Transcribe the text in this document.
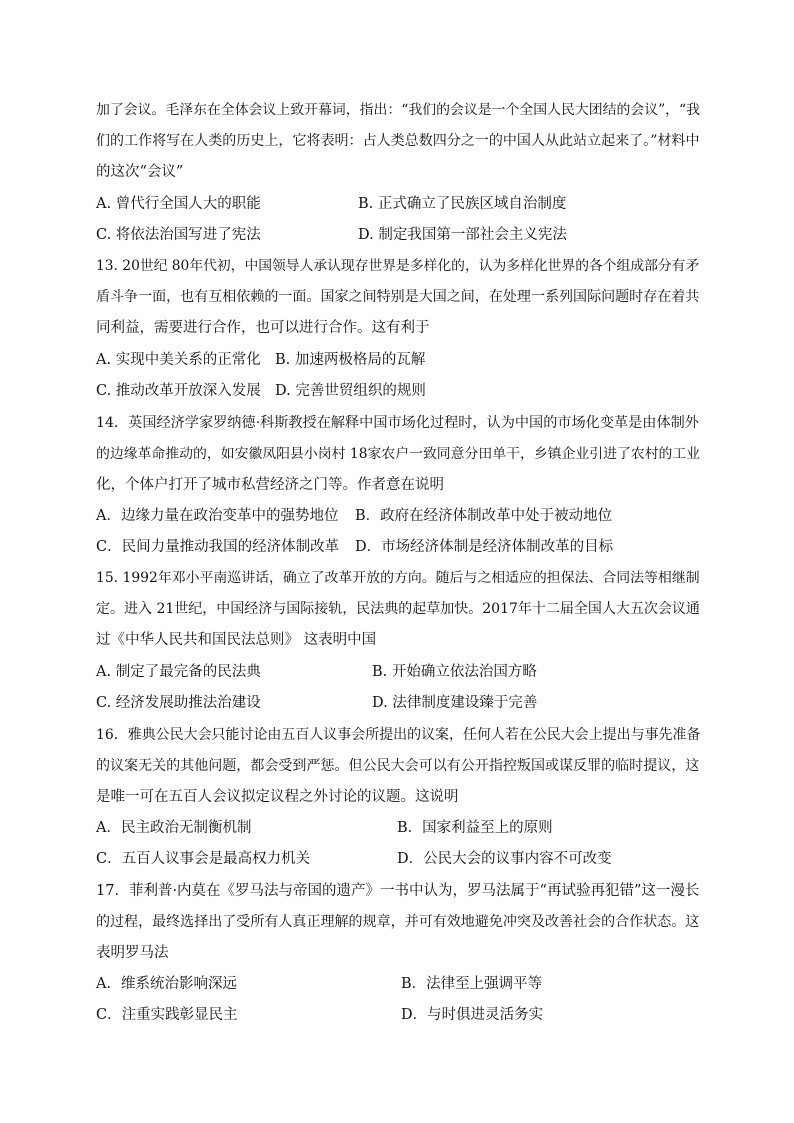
加了会议。毛泽东在全体会议上致开幕词，指出：“我们的会议是一个全国人民大团结的会议”，“我
们的工作将写在人类的历史上，它将表明：占人类总数四分之一的中国人从此站立起来了。”材料中
的这次“会议”
A. 曾代行全国人大的职能	B. 正式确立了民族区域自治制度
C. 将依法治国写进了宪法	D. 制定我国第一部社会主义宪法
13. 20世纪 80年代初，中国领导人承认现存世界是多样化的，认为多样化世界的各个组成部分有矛
盾斗争一面，也有互相依赖的一面。国家之间特别是大国之间，在处理一系列国际问题时存在着共
同利益，需要进行合作，也可以进行合作。这有利于
A. 实现中美关系的正常化 B. 加速两极格局的瓦解
C. 推动改革开放深入发展 D. 完善世贸组织的规则
14．英国经济学家罗纳德·科斯教授在解释中国市场化过程时，认为中国的市场化变革是由体制外
的边缘革命推动的，如安徽凤阳县小岗村 18家农户一致同意分田单干，乡镇企业引进了农村的工业
化，个体户打开了城市私营经济之门等。作者意在说明
A．边缘力量在政治变革中的强势地位 B．政府在经济体制改革中处于被动地位
C．民间力量推动我国的经济体制改革 D．市场经济体制是经济体制改革的目标
15. 1992年邓小平南巡讲话，确立了改革开放的方向。随后与之相适应的担保法、合同法等相继制
定。进入 21世纪，中国经济与国际接轨，民法典的起草加快。2017年十二届全国人大五次会议通
过《中华人民共和国民法总则》 这表明中国
A. 制定了最完备的民法典	B. 开始确立依法治国方略
C. 经济发展助推法治建设	D. 法律制度建设臻于完善
16．雅典公民大会只能讨论由五百人议事会所提出的议案，任何人若在公民大会上提出与事先准备
的议案无关的其他问题，都会受到严惩。但公民大会可以有公开指控叛国或谋反罪的临时提议，这
是唯一可在五百人会议拟定议程之外讨论的议题。这说明
A．民主政治无制衡机制	B．国家利益至上的原则
C．五百人议事会是最高权力机关	D．公民大会的议事内容不可改变
17．菲利普·内莫在《罗马法与帝国的遗产》一书中认为，罗马法属于“再试验再犯错”这一漫长
的过程，最终选择出了受所有人真正理解的规章，并可有效地避免冲突及改善社会的合作状态。这
表明罗马法
A．维系统治影响深远	B．法律至上强调平等
C．注重实践彰显民主	D．与时俱进灵活务实
